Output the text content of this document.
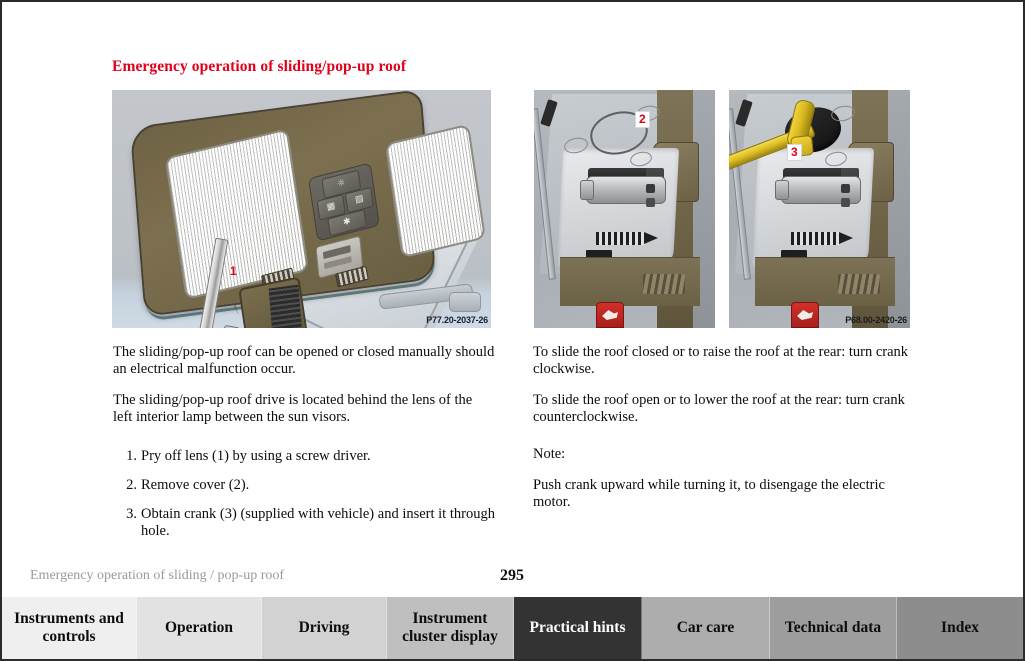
Emergency operation of sliding/pop-up roof
☼
▦
▧
✱
1
P77.20-2037-26
2
3
P68.00-2420-26

The sliding/pop-up roof can be opened or closed manually should an electrical malfunction occur.

The sliding/pop-up roof drive is located behind the lens of the left interior lamp between the sun visors.

1. Pry off lens (1) by using a screw driver.
2. Remove cover (2).
3. Obtain crank (3) (supplied with vehicle) and insert it through hole.

To slide the roof closed or to raise the roof at the rear: turn crank clockwise.

To slide the roof open or to lower the roof at the rear: turn crank counterclockwise.

Note:

Push crank upward while turning it, to disengage the electric motor.

Emergency operation of sliding / pop-up roof	295
Instruments and controls
Operation	Driving
Instrument cluster display
Practical hints	Car care	Technical data	Index
